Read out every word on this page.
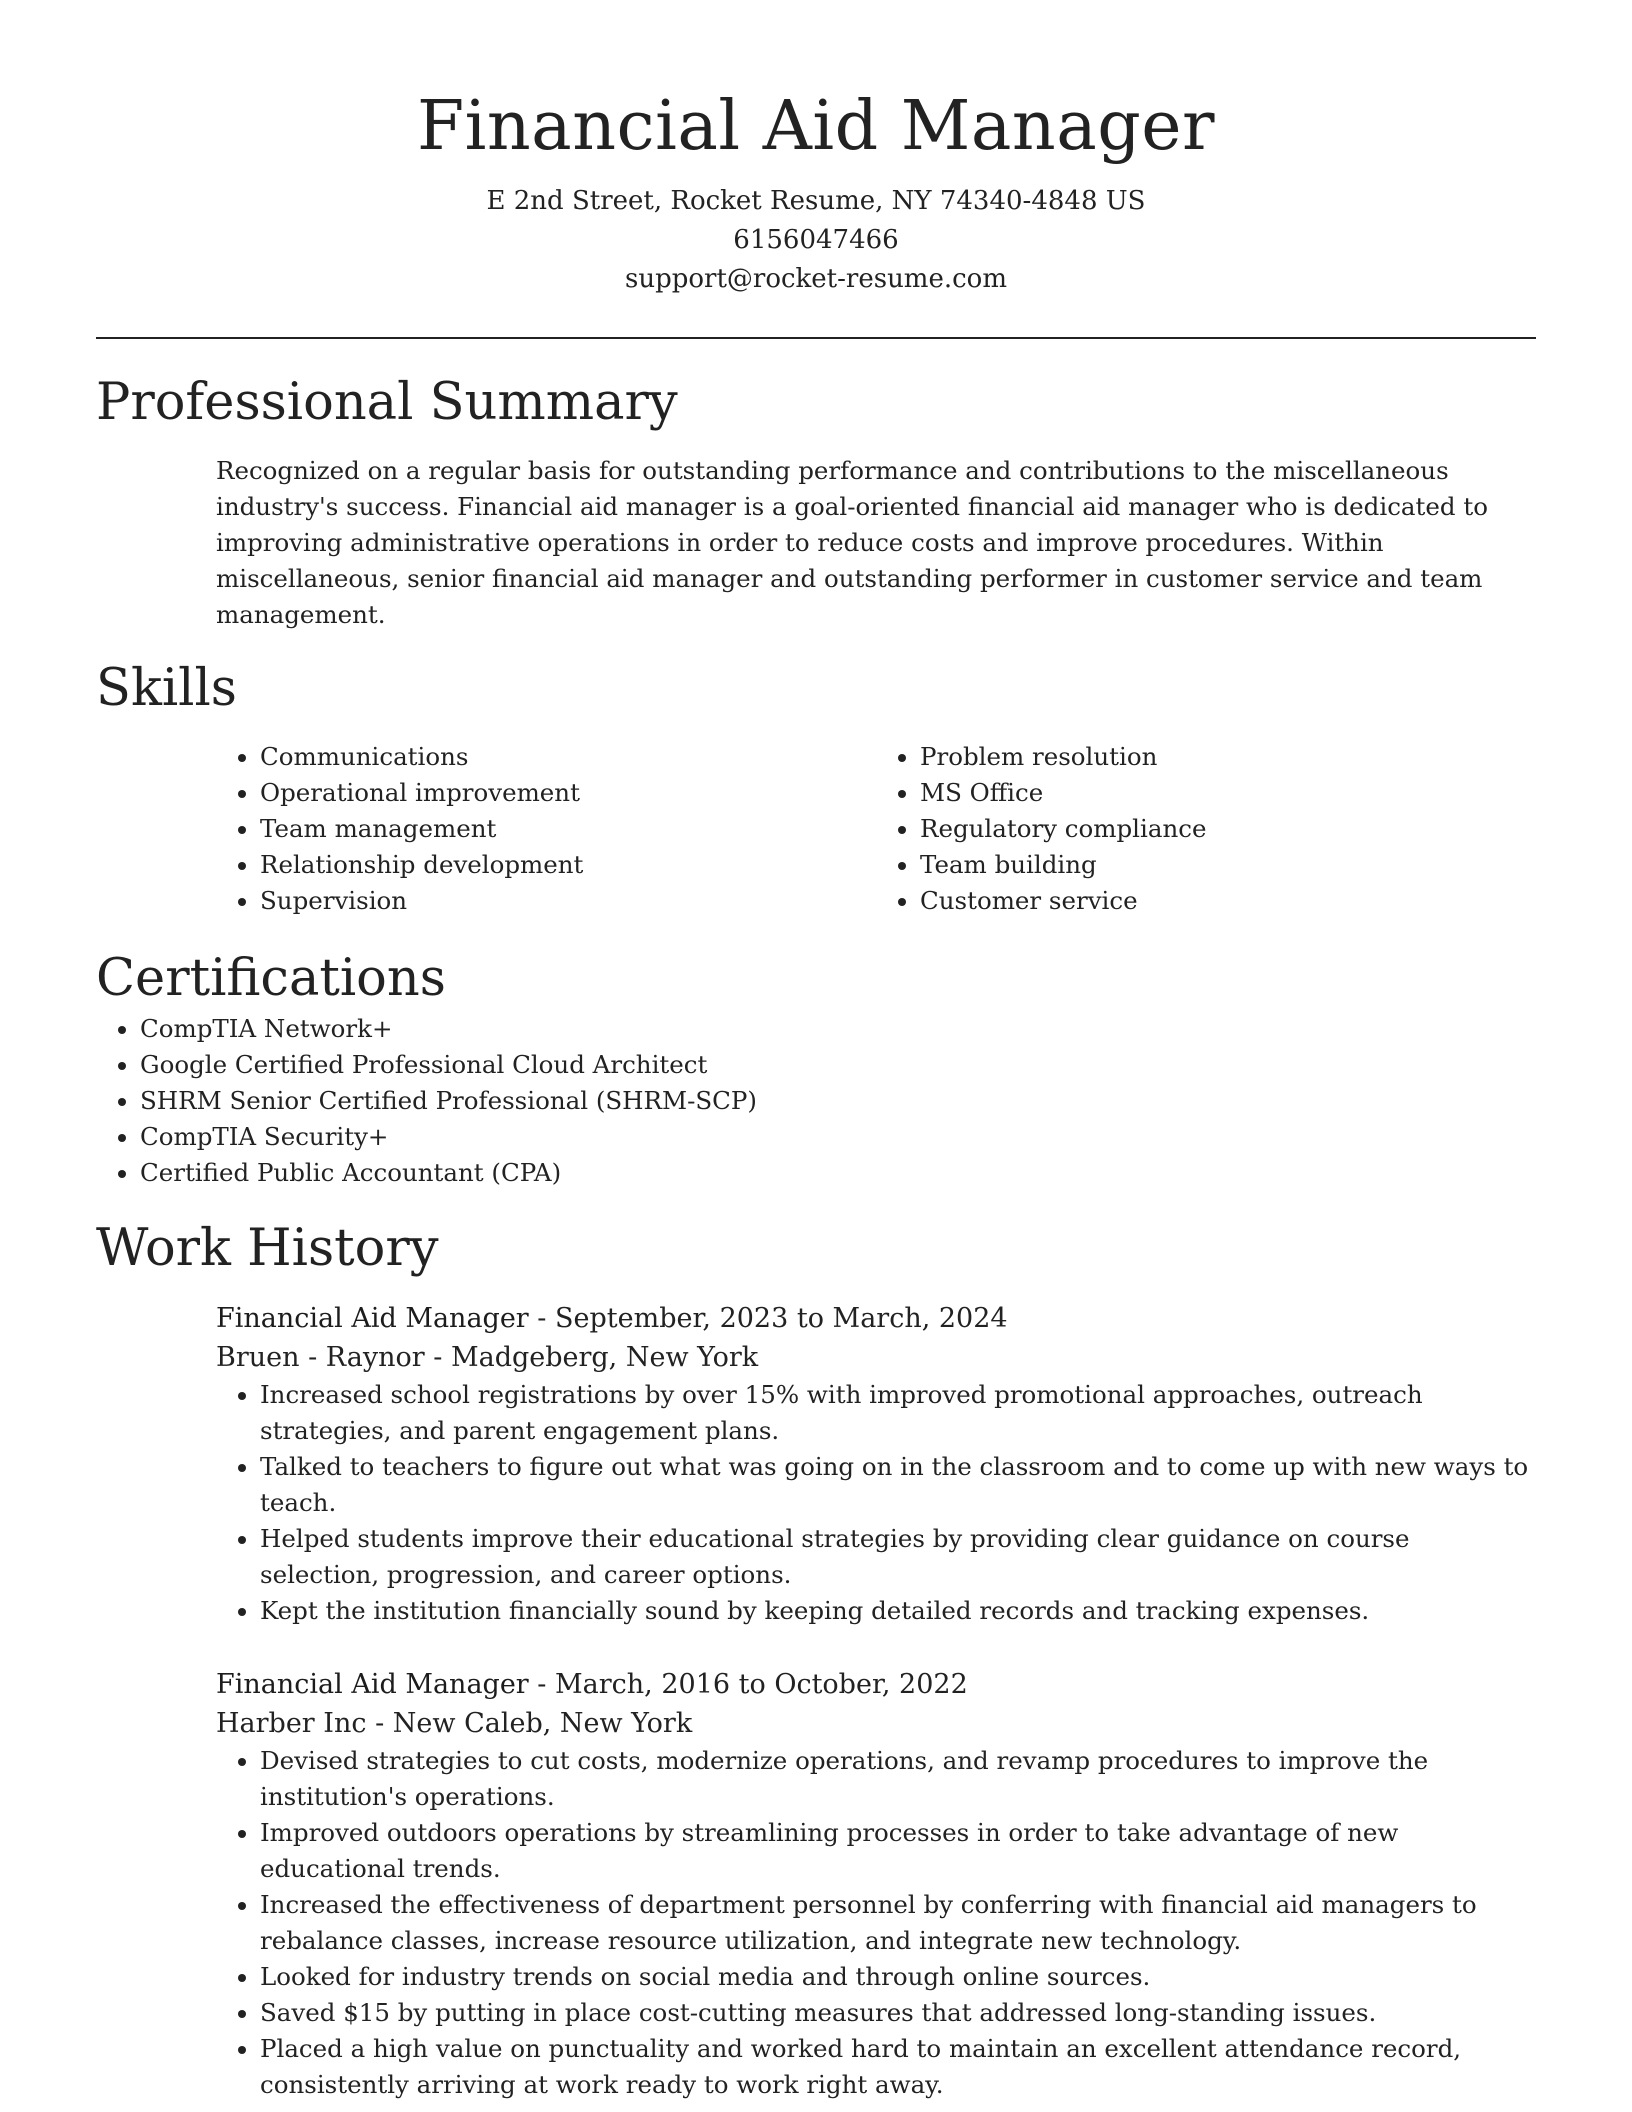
Financial Aid Manager

E 2nd Street, Rocket Resume, NY 74340-4848 US

6156047466

support@rocket-resume.com

Professional Summary

Recognized on a regular basis for outstanding performance and contributions to the miscellaneous industry's success. Financial aid manager is a goal-oriented financial aid manager who is dedicated to improving administrative operations in order to reduce costs and improve procedures. Within miscellaneous, senior financial aid manager and outstanding performer in customer service and team management.

Skills
• Communications
• Operational improvement
• Team management
• Relationship development
• Supervision
• Problem resolution
• MS Office
• Regulatory compliance
• Team building
• Customer service
Certifications
• CompTIA Network+
• Google Certified Professional Cloud Architect
• SHRM Senior Certified Professional (SHRM-SCP)
• CompTIA Security+
• Certified Public Accountant (CPA)
Work History

Financial Aid Manager - September, 2023 to March, 2024

Bruen - Raynor - Madgeberg, New York

• Increased school registrations by over 15% with improved promotional approaches, outreach strategies, and parent engagement plans.
• Talked to teachers to figure out what was going on in the classroom and to come up with new ways to teach.
• Helped students improve their educational strategies by providing clear guidance on course selection, progression, and career options.
• Kept the institution financially sound by keeping detailed records and tracking expenses.

Financial Aid Manager - March, 2016 to October, 2022

Harber Inc - New Caleb, New York

• Devised strategies to cut costs, modernize operations, and revamp procedures to improve the institution's operations.
• Improved outdoors operations by streamlining processes in order to take advantage of new educational trends.
• Increased the effectiveness of department personnel by conferring with financial aid managers to rebalance classes, increase resource utilization, and integrate new technology.
• Looked for industry trends on social media and through online sources.
• Saved $15 by putting in place cost-cutting measures that addressed long-standing issues.
• Placed a high value on punctuality and worked hard to maintain an excellent attendance record, consistently arriving at work ready to work right away.
